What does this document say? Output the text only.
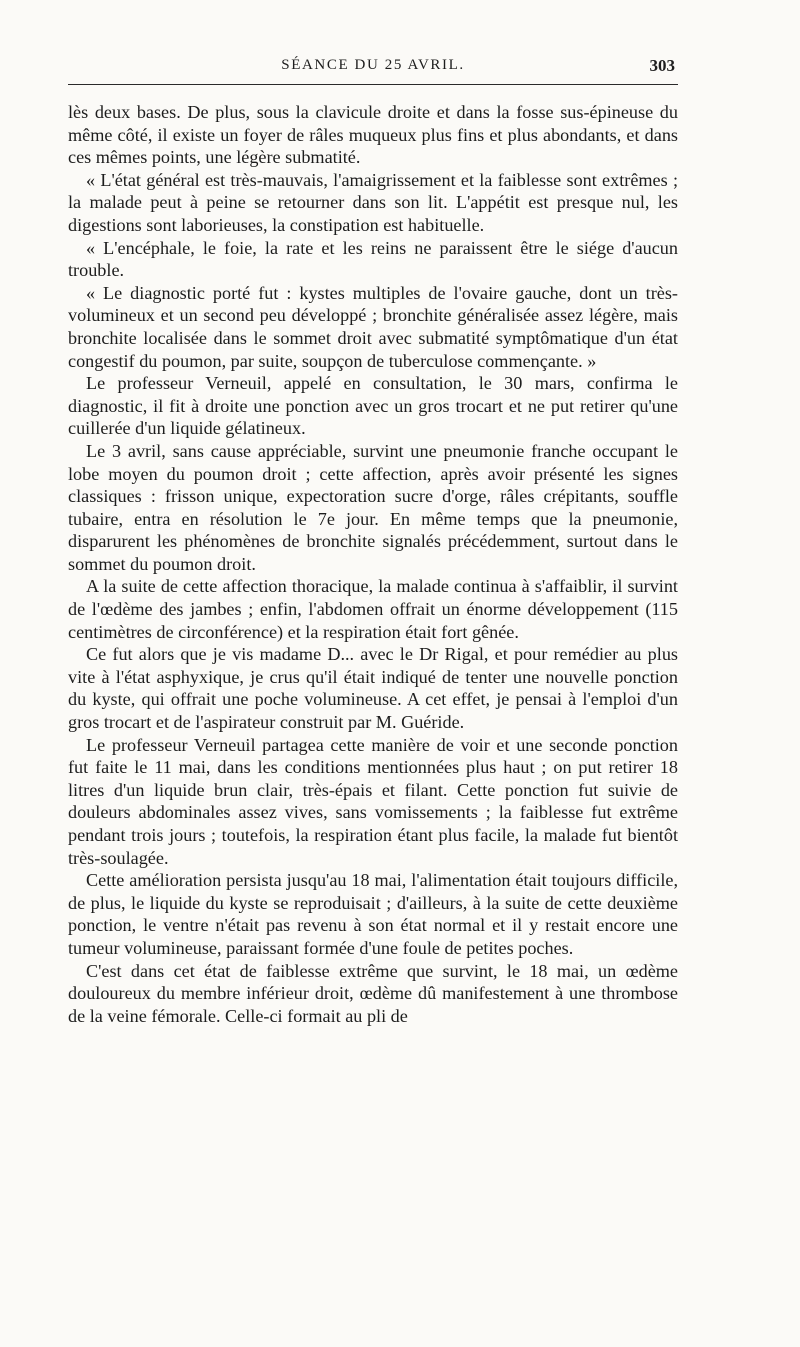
SÉANCE DU 25 AVRIL.	303

lès deux bases. De plus, sous la clavicule droite et dans la fosse sus-épineuse du même côté, il existe un foyer de râles muqueux plus fins et plus abondants, et dans ces mêmes points, une légère submatité.

« L'état général est très-mauvais, l'amaigrissement et la faiblesse sont extrêmes ; la malade peut à peine se retourner dans son lit. L'appétit est presque nul, les digestions sont laborieuses, la constipation est habituelle.

« L'encéphale, le foie, la rate et les reins ne paraissent être le siége d'aucun trouble.

« Le diagnostic porté fut : kystes multiples de l'ovaire gauche, dont un très-volumineux et un second peu développé ; bronchite généralisée assez légère, mais bronchite localisée dans le sommet droit avec submatité symptômatique d'un état congestif du poumon, par suite, soupçon de tuberculose commençante. »

Le professeur Verneuil, appelé en consultation, le 30 mars, confirma le diagnostic, il fit à droite une ponction avec un gros trocart et ne put retirer qu'une cuillerée d'un liquide gélatineux.

Le 3 avril, sans cause appréciable, survint une pneumonie franche occupant le lobe moyen du poumon droit ; cette affection, après avoir présenté les signes classiques : frisson unique, expectoration sucre d'orge, râles crépitants, souffle tubaire, entra en résolution le 7e jour. En même temps que la pneumonie, disparurent les phénomènes de bronchite signalés précédemment, surtout dans le sommet du poumon droit.

A la suite de cette affection thoracique, la malade continua à s'affaiblir, il survint de l'œdème des jambes ; enfin, l'abdomen offrait un énorme développement (115 centimètres de circonférence) et la respiration était fort gênée.

Ce fut alors que je vis madame D... avec le Dr Rigal, et pour remédier au plus vite à l'état asphyxique, je crus qu'il était indiqué de tenter une nouvelle ponction du kyste, qui offrait une poche volumineuse. A cet effet, je pensai à l'emploi d'un gros trocart et de l'aspirateur construit par M. Guéride.

Le professeur Verneuil partagea cette manière de voir et une seconde ponction fut faite le 11 mai, dans les conditions mentionnées plus haut ; on put retirer 18 litres d'un liquide brun clair, très-épais et filant. Cette ponction fut suivie de douleurs abdominales assez vives, sans vomissements ; la faiblesse fut extrême pendant trois jours ; toutefois, la respiration étant plus facile, la malade fut bientôt très-soulagée.

Cette amélioration persista jusqu'au 18 mai, l'alimentation était toujours difficile, de plus, le liquide du kyste se reproduisait ; d'ailleurs, à la suite de cette deuxième ponction, le ventre n'était pas revenu à son état normal et il y restait encore une tumeur volumineuse, paraissant formée d'une foule de petites poches.

C'est dans cet état de faiblesse extrême que survint, le 18 mai, un œdème douloureux du membre inférieur droit, œdème dû manifestement à une thrombose de la veine fémorale. Celle-ci formait au pli de
